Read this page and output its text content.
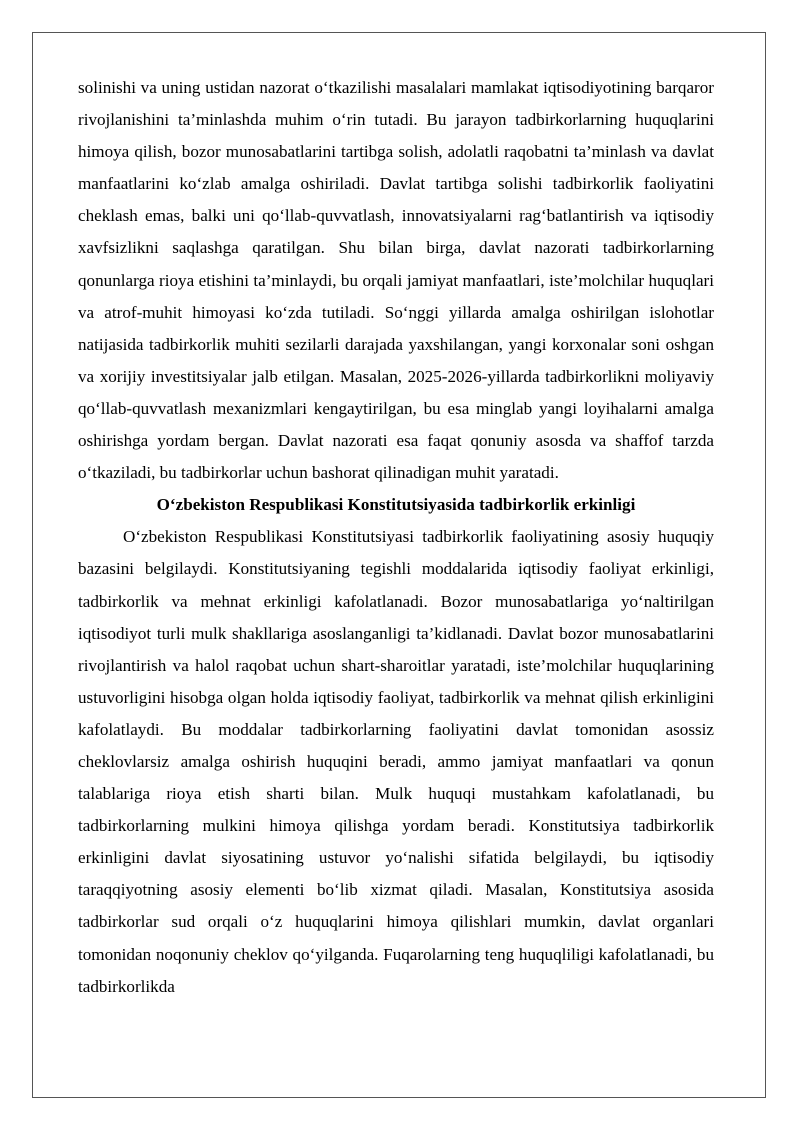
solinishi va uning ustidan nazorat o‘tkazilishi masalalari mamlakat iqtisodiyotining barqaror rivojlanishini ta’minlashda muhim o‘rin tutadi. Bu jarayon tadbirkorlarning huquqlarini himoya qilish, bozor munosabatlarini tartibga solish, adolatli raqobatni ta’minlash va davlat manfaatlarini ko‘zlab amalga oshiriladi. Davlat tartibga solishi tadbirkorlik faoliyatini cheklash emas, balki uni qo‘llab-quvvatlash, innovatsiyalarni rag‘batlantirish va iqtisodiy xavfsizlikni saqlashga qaratilgan. Shu bilan birga, davlat nazorati tadbirkorlarning qonunlarga rioya etishini ta’minlaydi, bu orqali jamiyat manfaatlari, iste’molchilar huquqlari va atrof-muhit himoyasi ko‘zda tutiladi. So‘nggi yillarda amalga oshirilgan islohotlar natijasida tadbirkorlik muhiti sezilarli darajada yaxshilangan, yangi korxonalar soni oshgan va xorijiy investitsiyalar jalb etilgan. Masalan, 2025-2026-yillarda tadbirkorlikni moliyaviy qo‘llab-quvvatlash mexanizmlari kengaytirilgan, bu esa minglab yangi loyihalarni amalga oshirishga yordam bergan. Davlat nazorati esa faqat qonuniy asosda va shaffof tarzda o‘tkaziladi, bu tadbirkorlar uchun bashorat qilinadigan muhit yaratadi.

O‘zbekiston Respublikasi Konstitutsiyasida tadbirkorlik erkinligi

O‘zbekiston Respublikasi Konstitutsiyasi tadbirkorlik faoliyatining asosiy huquqiy bazasini belgilaydi. Konstitutsiyaning tegishli moddalarida iqtisodiy faoliyat erkinligi, tadbirkorlik va mehnat erkinligi kafolatlanadi. Bozor munosabatlariga yo‘naltirilgan iqtisodiyot turli mulk shakllariga asoslanganligi ta’kidlanadi. Davlat bozor munosabatlarini rivojlantirish va halol raqobat uchun shart-sharoitlar yaratadi, iste’molchilar huquqlarining ustuvorligini hisobga olgan holda iqtisodiy faoliyat, tadbirkorlik va mehnat qilish erkinligini kafolatlaydi. Bu moddalar tadbirkorlarning faoliyatini davlat tomonidan asossiz cheklovlarsiz amalga oshirish huquqini beradi, ammo jamiyat manfaatlari va qonun talablariga rioya etish sharti bilan. Mulk huquqi mustahkam kafolatlanadi, bu tadbirkorlarning mulkini himoya qilishga yordam beradi. Konstitutsiya tadbirkorlik erkinligini davlat siyosatining ustuvor yo‘nalishi sifatida belgilaydi, bu iqtisodiy taraqqiyotning asosiy elementi bo‘lib xizmat qiladi. Masalan, Konstitutsiya asosida tadbirkorlar sud orqali o‘z huquqlarini himoya qilishlari mumkin, davlat organlari tomonidan noqonuniy cheklov qo‘yilganda. Fuqarolarning teng huquqliligi kafolatlanadi, bu tadbirkorlikda
